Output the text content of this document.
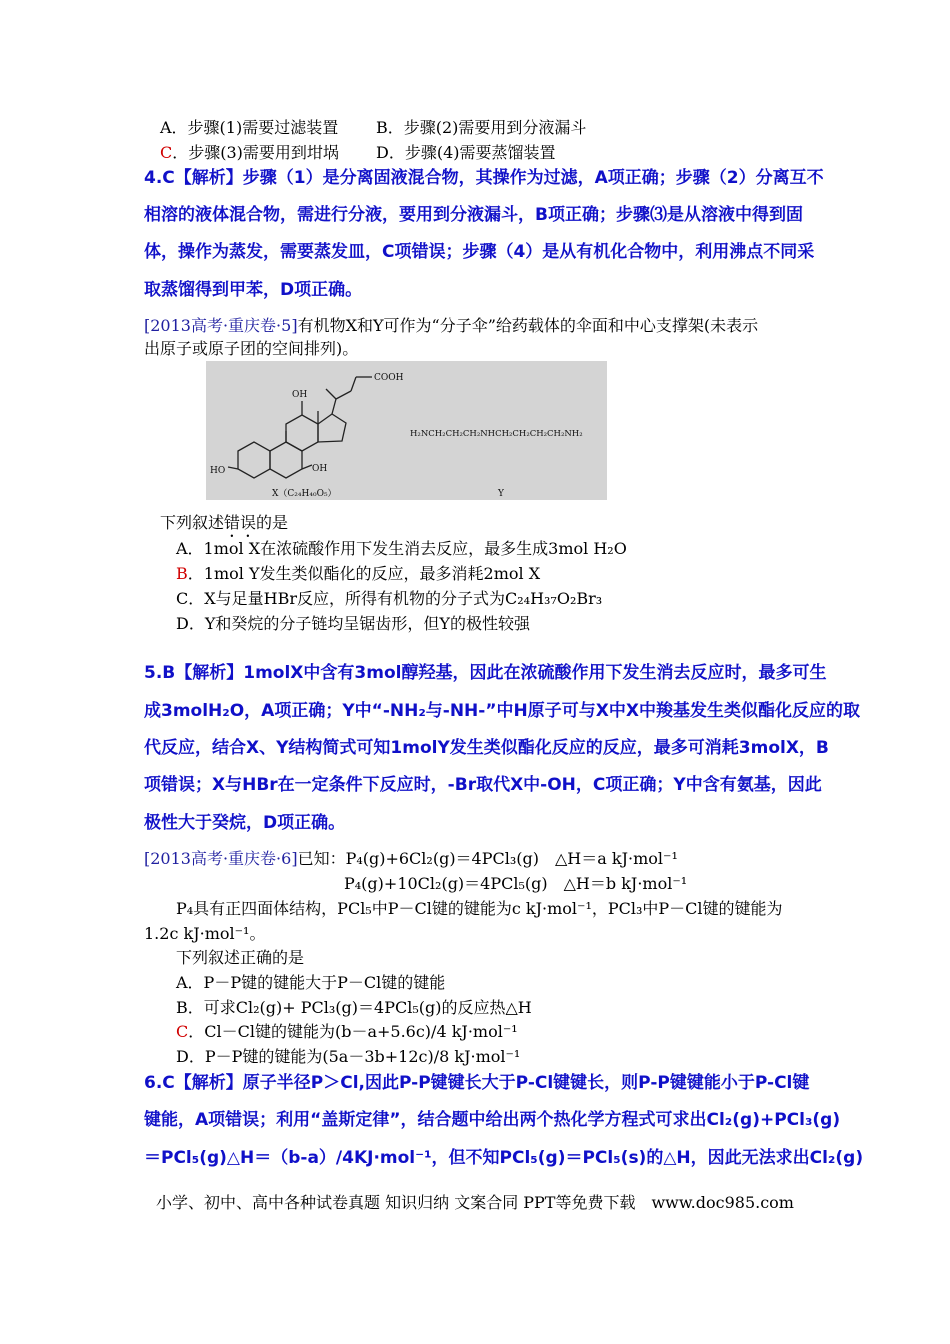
A．步骤(1)需要过滤装置 B．步骤(2)需要用到分液漏斗
C．步骤(3)需要用到坩埚 D．步骤(4)需要蒸馏装置
4.C【解析】步骤（1）是分离固液混合物，其操作为过滤，A项正确；步骤（2）分离互不
相溶的液体混合物，需进行分液，要用到分液漏斗，B项正确；步骤⑶是从溶液中得到固
体，操作为蒸发，需要蒸发皿，C项错误；步骤（4）是从有机化合物中，利用沸点不同采
取蒸馏得到甲苯，D项正确。
[2013高考·重庆卷·5]有机物X和Y可作为“分子伞”给药载体的伞面和中心支撑架(未表示
出原子或原子团的空间排列)。
COOH
OH
HO	OH
X（C₂₄H₄₀O₅）
H₂NCH₂CH₂CH₂NHCH₂CH₂CH₂CH₂NH₂
Y
下列叙述错误的是
A．1mol X在浓硫酸作用下发生消去反应，最多生成3mol H₂O
B．1mol Y发生类似酯化的反应，最多消耗2mol X
C．X与足量HBr反应，所得有机物的分子式为C₂₄H₃₇O₂Br₃
D．Y和癸烷的分子链均呈锯齿形，但Y的极性较强
5.B【解析】1molX中含有3mol醇羟基，因此在浓硫酸作用下发生消去反应时，最多可生
成3molH₂O，A项正确；Y中“-NH₂与-NH-”中H原子可与X中X中羧基发生类似酯化反应的取
代反应，结合X、Y结构简式可知1molY发生类似酯化反应的反应，最多可消耗3molX，B
项错误；X与HBr在一定条件下反应时，-Br取代X中-OH，C项正确；Y中含有氨基，因此
极性大于癸烷，D项正确。
[2013高考·重庆卷·6]已知：P₄(g)+6Cl₂(g)＝4PCl₃(g)　△H＝a kJ·mol⁻¹
P₄(g)+10Cl₂(g)＝4PCl₅(g)　△H＝b kJ·mol⁻¹
P₄具有正四面体结构，PCl₅中P－Cl键的键能为c kJ·mol⁻¹，PCl₃中P－Cl键的键能为
1.2c kJ·mol⁻¹。
下列叙述正确的是
A．P－P键的键能大于P－Cl键的键能
B．可求Cl₂(g)+ PCl₃(g)＝4PCl₅(g)的反应热△H
C．Cl－Cl键的键能为(b－a+5.6c)/4 kJ·mol⁻¹
D．P－P键的键能为(5a－3b+12c)/8 kJ·mol⁻¹
6.C【解析】原子半径P＞Cl,因此P-P键键长大于P-Cl键键长，则P-P键键能小于P-Cl键
键能，A项错误；利用“盖斯定律”，结合题中给出两个热化学方程式可求出Cl₂(g)+PCl₃(g)
＝PCl₅(g)△H＝（b-a）/4KJ·mol⁻¹，但不知PCl₅(g)＝PCl₅(s)的△H，因此无法求出Cl₂(g)
小学、初中、高中各种试卷真题 知识归纳 文案合同 PPT等免费下载　www.doc985.com
